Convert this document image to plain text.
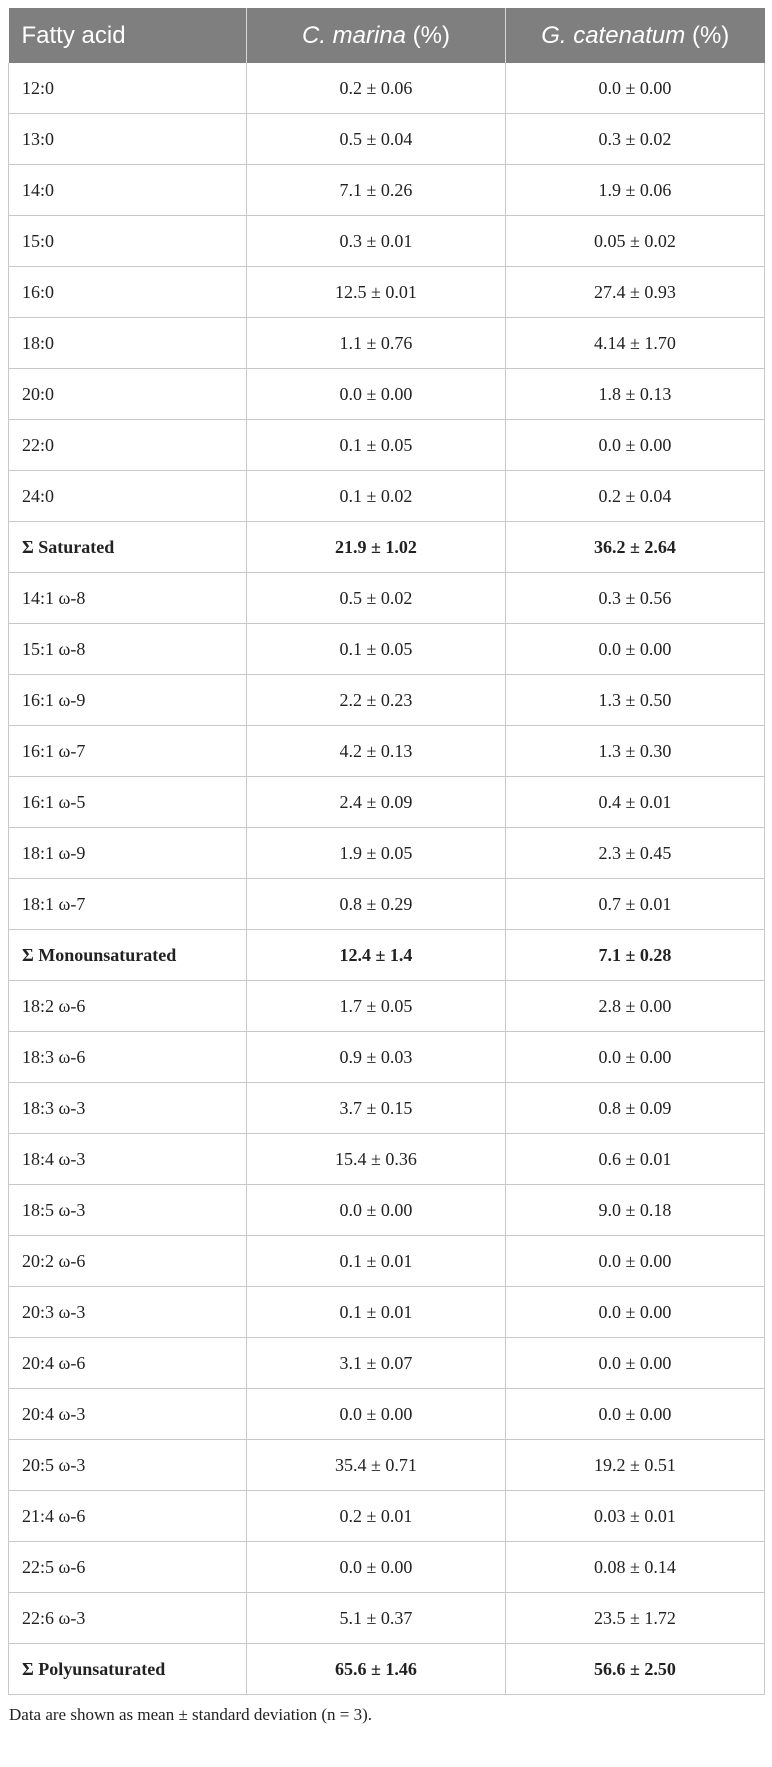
Fatty acid	C. marina (%)	G. catenatum (%)
12:0	0.2 ± 0.06	0.0 ± 0.00
13:0	0.5 ± 0.04	0.3 ± 0.02
14:0	7.1 ± 0.26	1.9 ± 0.06
15:0	0.3 ± 0.01	0.05 ± 0.02
16:0	12.5 ± 0.01	27.4 ± 0.93
18:0	1.1 ± 0.76	4.14 ± 1.70
20:0	0.0 ± 0.00	1.8 ± 0.13
22:0	0.1 ± 0.05	0.0 ± 0.00
24:0	0.1 ± 0.02	0.2 ± 0.04
Σ Saturated	21.9 ± 1.02	36.2 ± 2.64
14:1 ω-8	0.5 ± 0.02	0.3 ± 0.56
15:1 ω-8	0.1 ± 0.05	0.0 ± 0.00
16:1 ω-9	2.2 ± 0.23	1.3 ± 0.50
16:1 ω-7	4.2 ± 0.13	1.3 ± 0.30
16:1 ω-5	2.4 ± 0.09	0.4 ± 0.01
18:1 ω-9	1.9 ± 0.05	2.3 ± 0.45
18:1 ω-7	0.8 ± 0.29	0.7 ± 0.01
Σ Monounsaturated	12.4 ± 1.4	7.1 ± 0.28
18:2 ω-6	1.7 ± 0.05	2.8 ± 0.00
18:3 ω-6	0.9 ± 0.03	0.0 ± 0.00
18:3 ω-3	3.7 ± 0.15	0.8 ± 0.09
18:4 ω-3	15.4 ± 0.36	0.6 ± 0.01
18:5 ω-3	0.0 ± 0.00	9.0 ± 0.18
20:2 ω-6	0.1 ± 0.01	0.0 ± 0.00
20:3 ω-3	0.1 ± 0.01	0.0 ± 0.00
20:4 ω-6	3.1 ± 0.07	0.0 ± 0.00
20:4 ω-3	0.0 ± 0.00	0.0 ± 0.00
20:5 ω-3	35.4 ± 0.71	19.2 ± 0.51
21:4 ω-6	0.2 ± 0.01	0.03 ± 0.01
22:5 ω-6	0.0 ± 0.00	0.08 ± 0.14
22:6 ω-3	5.1 ± 0.37	23.5 ± 1.72
Σ Polyunsaturated	65.6 ± 1.46	56.6 ± 2.50
Data are shown as mean ± standard deviation (n = 3).
